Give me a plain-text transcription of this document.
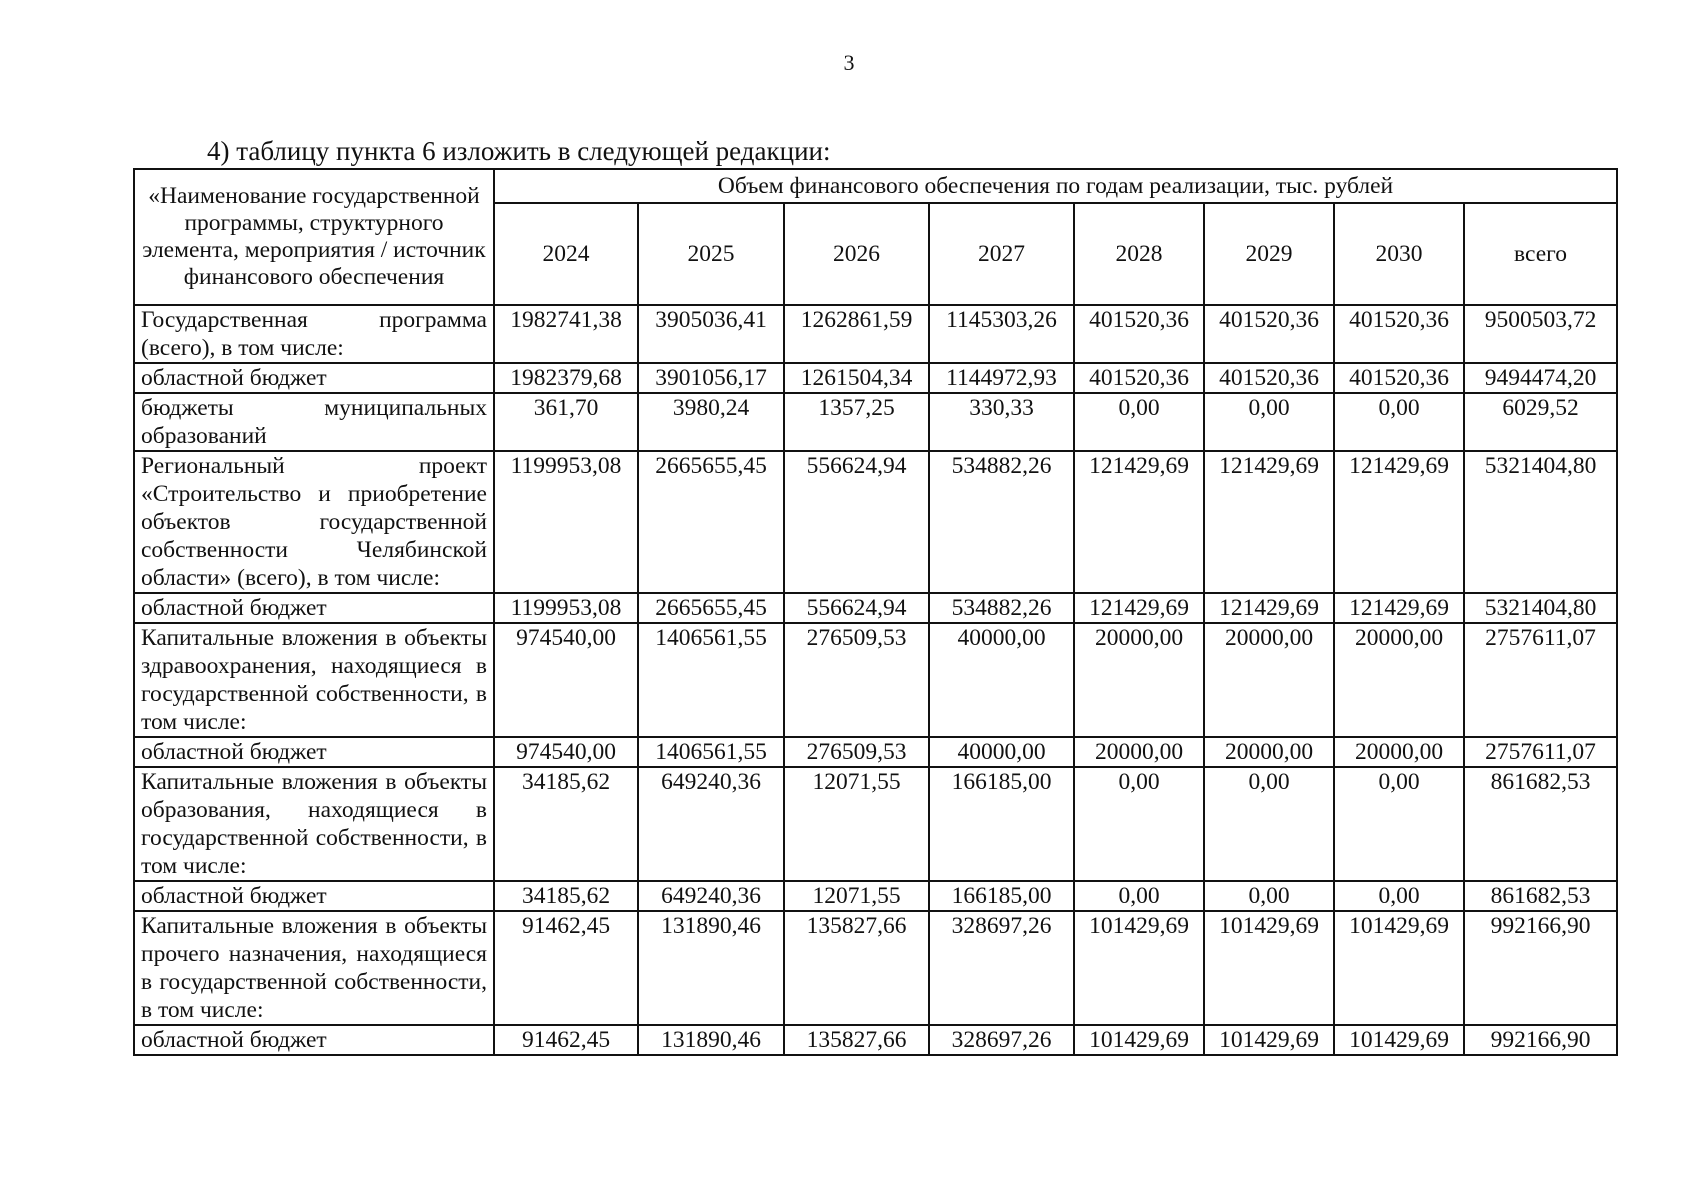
3
4) таблицу пункта 6 изложить в следующей редакции:
«Наименование государственной программы, структурного элемента, мероприятия / источник финансового обеспечения	Объем финансового обеспечения по годам реализации, тыс. рублей							
	2024	2025	2026	2027	2028	2029	2030	всего
Государственная программа (всего), в том числе:	1982741,38	3905036,41	1262861,59	1145303,26	401520,36	401520,36	401520,36	9500503,72
областной бюджет	1982379,68	3901056,17	1261504,34	1144972,93	401520,36	401520,36	401520,36	9494474,20
бюджеты муниципальных образований	361,70	3980,24	1357,25	330,33	0,00	0,00	0,00	6029,52
Региональный проект «Строительство и приобретение объектов государственной собственности Челябинской области» (всего), в том числе:	1199953,08	2665655,45	556624,94	534882,26	121429,69	121429,69	121429,69	5321404,80
областной бюджет	1199953,08	2665655,45	556624,94	534882,26	121429,69	121429,69	121429,69	5321404,80
Капитальные вложения в объекты здравоохранения, находящиеся в государственной собственности, в том числе:	974540,00	1406561,55	276509,53	40000,00	20000,00	20000,00	20000,00	2757611,07
областной бюджет	974540,00	1406561,55	276509,53	40000,00	20000,00	20000,00	20000,00	2757611,07
Капитальные вложения в объекты образования, находящиеся в государственной собственности, в том числе:	34185,62	649240,36	12071,55	166185,00	0,00	0,00	0,00	861682,53
областной бюджет	34185,62	649240,36	12071,55	166185,00	0,00	0,00	0,00	861682,53
Капитальные вложения в объекты прочего назначения, находящиеся в государственной собственности, в том числе:	91462,45	131890,46	135827,66	328697,26	101429,69	101429,69	101429,69	992166,90
областной бюджет	91462,45	131890,46	135827,66	328697,26	101429,69	101429,69	101429,69	992166,90
